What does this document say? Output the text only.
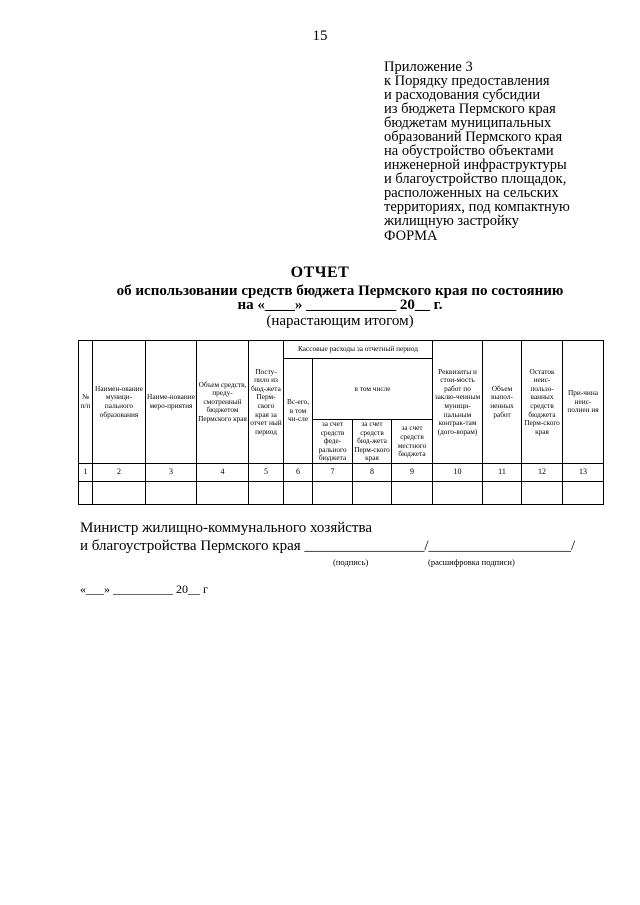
15
Приложение 3
к Порядку предоставления
и расходования субсидии
из бюджета Пермского края
бюджетам муниципальных
образований Пермского края
на обустройство объектами
инженерной инфраструктуры
и благоустройство площадок,
расположенных на сельских
территориях, под компактную
жилищную застройку
ФОРМА
ОТЧЕТ
об использовании средств бюджета Пермского края по состоянию
на «____» ____________ 20__ г.
(нарастающим итогом)
№ п/п	Наимен-ование муници-пального образования	Наиме-нование меро-приятия	Объем средств, преду-смотренный бюджетом Пермского края	Посту-пило из бюд-жета Перм-ского края за отчет ный период	Кассовые расходы за отчетный период				Реквизиты и стои-мость работ по заклю-ченным муници-пальным контрак-там (дого-ворам)	Объем выпол-ненных работ	Остаток неис-пользо-ванных средств бюджета Перм-ского края	При-чина неис-полнен ия
					Вс-его, в том чи-сле	в том числе						
						за счет средств феде-рального бюджета	за счет средств бюд-жета Перм-ского края	за счет средств местного бюджета				
1	2	3	4	5	6	7	8	9	10	11	12	13

Министр жилищно-коммунального хозяйства
и благоустройства Пермского края ________________/___________________/
(подпись)	(расшифровка подписи)
«___» __________ 20__ г
